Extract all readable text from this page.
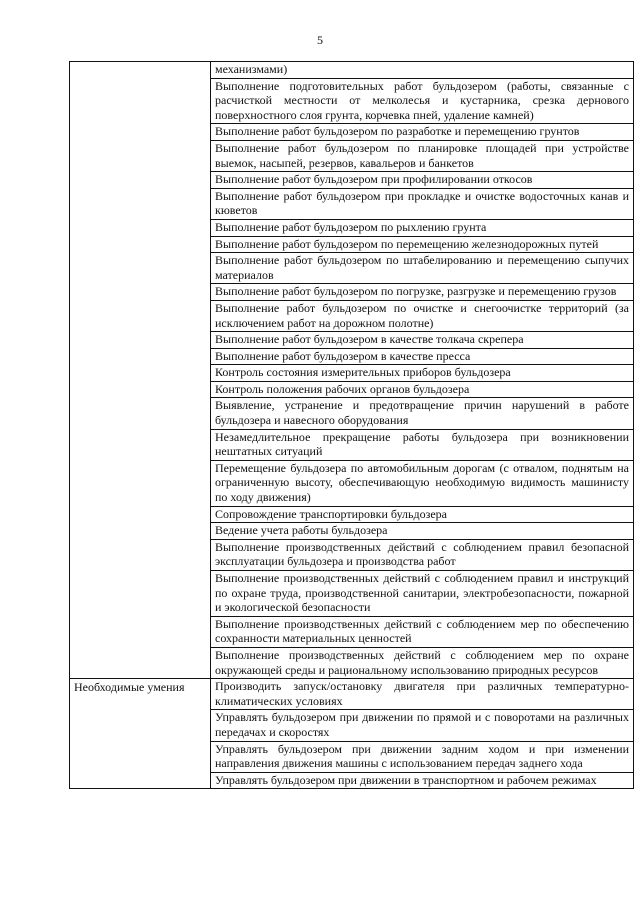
5

	механизмами)

	Выполнение подготовительных работ бульдозером (работы, связанные с расчисткой местности от мелколесья и кустарника, срезка дернового поверхностного слоя грунта, корчевка пней, удаление камней)

	Выполнение работ бульдозером по разработке и перемещению грунтов

	Выполнение работ бульдозером по планировке площадей при устройстве выемок, насыпей, резервов, кавальеров и банкетов

	Выполнение работ бульдозером при профилировании откосов

	Выполнение работ бульдозером при прокладке и очистке водосточных канав и кюветов

	Выполнение работ бульдозером по рыхлению грунта

	Выполнение работ бульдозером по перемещению железнодорожных путей

	Выполнение работ бульдозером по штабелированию и перемещению сыпучих материалов

	Выполнение работ бульдозером по погрузке, разгрузке и перемещению грузов

	Выполнение работ бульдозером по очистке и снегоочистке территорий (за исключением работ на дорожном полотне)

	Выполнение работ бульдозером в качестве толкача скрепера

	Выполнение работ бульдозером в качестве пресса

	Контроль состояния измерительных приборов бульдозера

	Контроль положения рабочих органов бульдозера

	Выявление, устранение и предотвращение причин нарушений в работе бульдозера и навесного оборудования

	Незамедлительное прекращение работы бульдозера при возникновении нештатных ситуаций

	Перемещение бульдозера по автомобильным дорогам (с отвалом, поднятым на ограниченную высоту, обеспечивающую необходимую видимость машинисту по ходу движения)

	Сопровождение транспортировки бульдозера

	Ведение учета работы бульдозера

	Выполнение производственных действий с соблюдением правил безопасной эксплуатации бульдозера и производства работ

	Выполнение производственных действий с соблюдением правил и инструкций по охране труда, производственной санитарии, электробезопасности, пожарной и экологической безопасности

	Выполнение производственных действий с соблюдением мер по обеспечению сохранности материальных ценностей

	Выполнение производственных действий с соблюдением мер по охране окружающей среды и рациональному использованию природных ресурсов

Необходимые умения	Производить запуск/остановку двигателя при различных температурно-климатических условиях

	Управлять бульдозером при движении по прямой и с поворотами на различных передачах и скоростях

	Управлять бульдозером при движении задним ходом и при изменении направления движения машины с использованием передач заднего хода

	Управлять бульдозером при движении в транспортном и рабочем режимах
